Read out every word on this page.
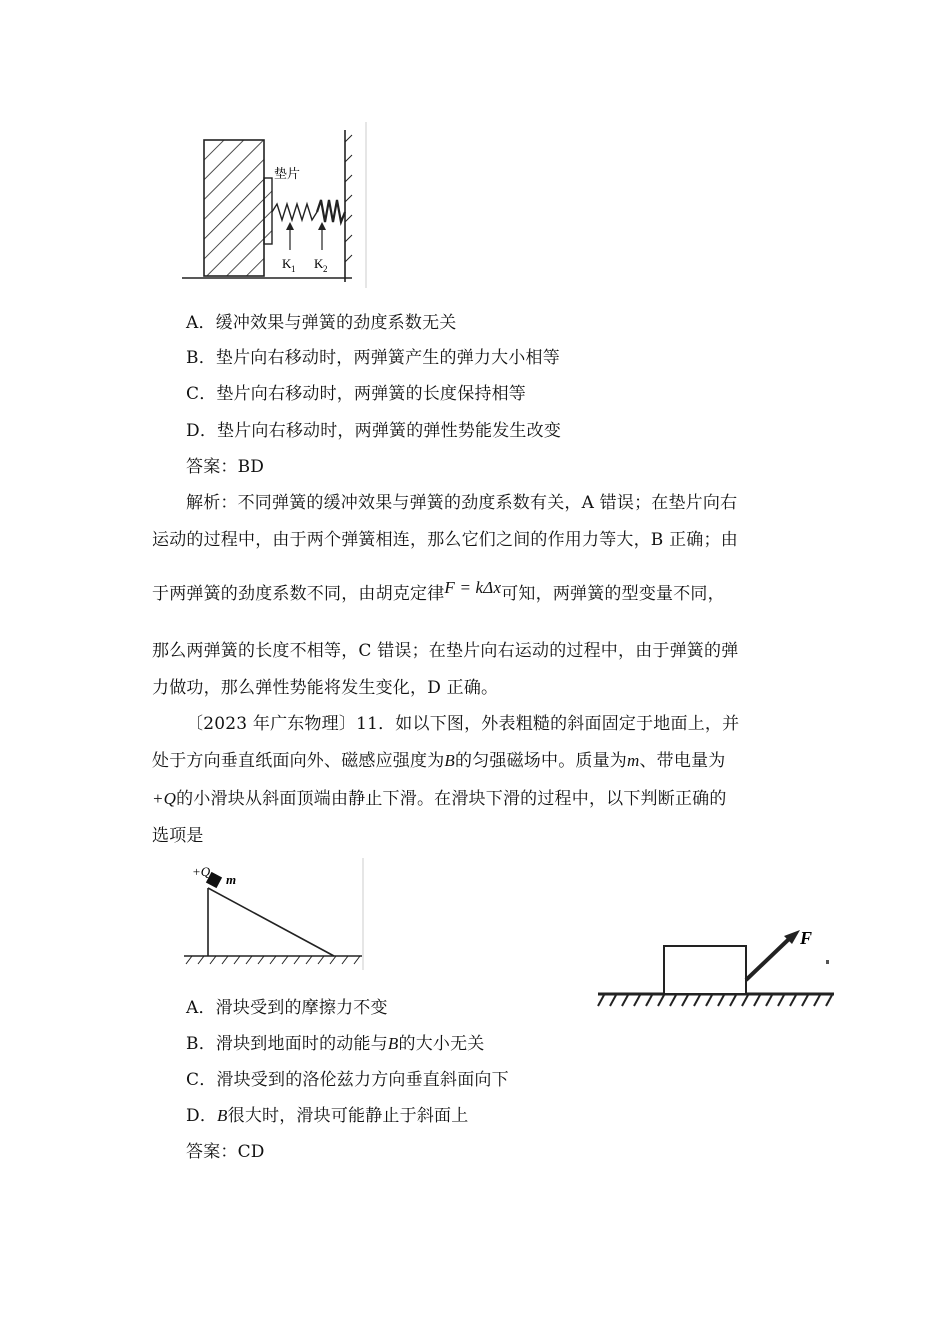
垫片
K 1 K 2
A．缓冲效果与弹簧的劲度系数无关
B．垫片向右移动时，两弹簧产生的弹力大小相等
C．垫片向右移动时，两弹簧的长度保持相等
D．垫片向右移动时，两弹簧的弹性势能发生改变
答案：BD
解析：不同弹簧的缓冲效果与弹簧的劲度系数有关，A 错误；在垫片向右
运动的过程中，由于两个弹簧相连，那么它们之间的作用力等大，B 正确；由
于两弹簧的劲度系数不同，由胡克定律F = kΔx可知，两弹簧的型变量不同，
那么两弹簧的长度不相等，C 错误；在垫片向右运动的过程中，由于弹簧的弹
力做功，那么弹性势能将发生变化，D 正确。
〔2023 年广东物理〕11．如以下图，外表粗糙的斜面固定于地面上，并
处于方向垂直纸面向外、磁感应强度为B的匀强磁场中。质量为m、带电量为
+Q的小滑块从斜面顶端由静止下滑。在滑块下滑的过程中，以下判断正确的
选项是
+Q
m
F
A．滑块受到的摩擦力不变
B．滑块到地面时的动能与B的大小无关
C．滑块受到的洛伦兹力方向垂直斜面向下
D．B很大时，滑块可能静止于斜面上
答案：CD
